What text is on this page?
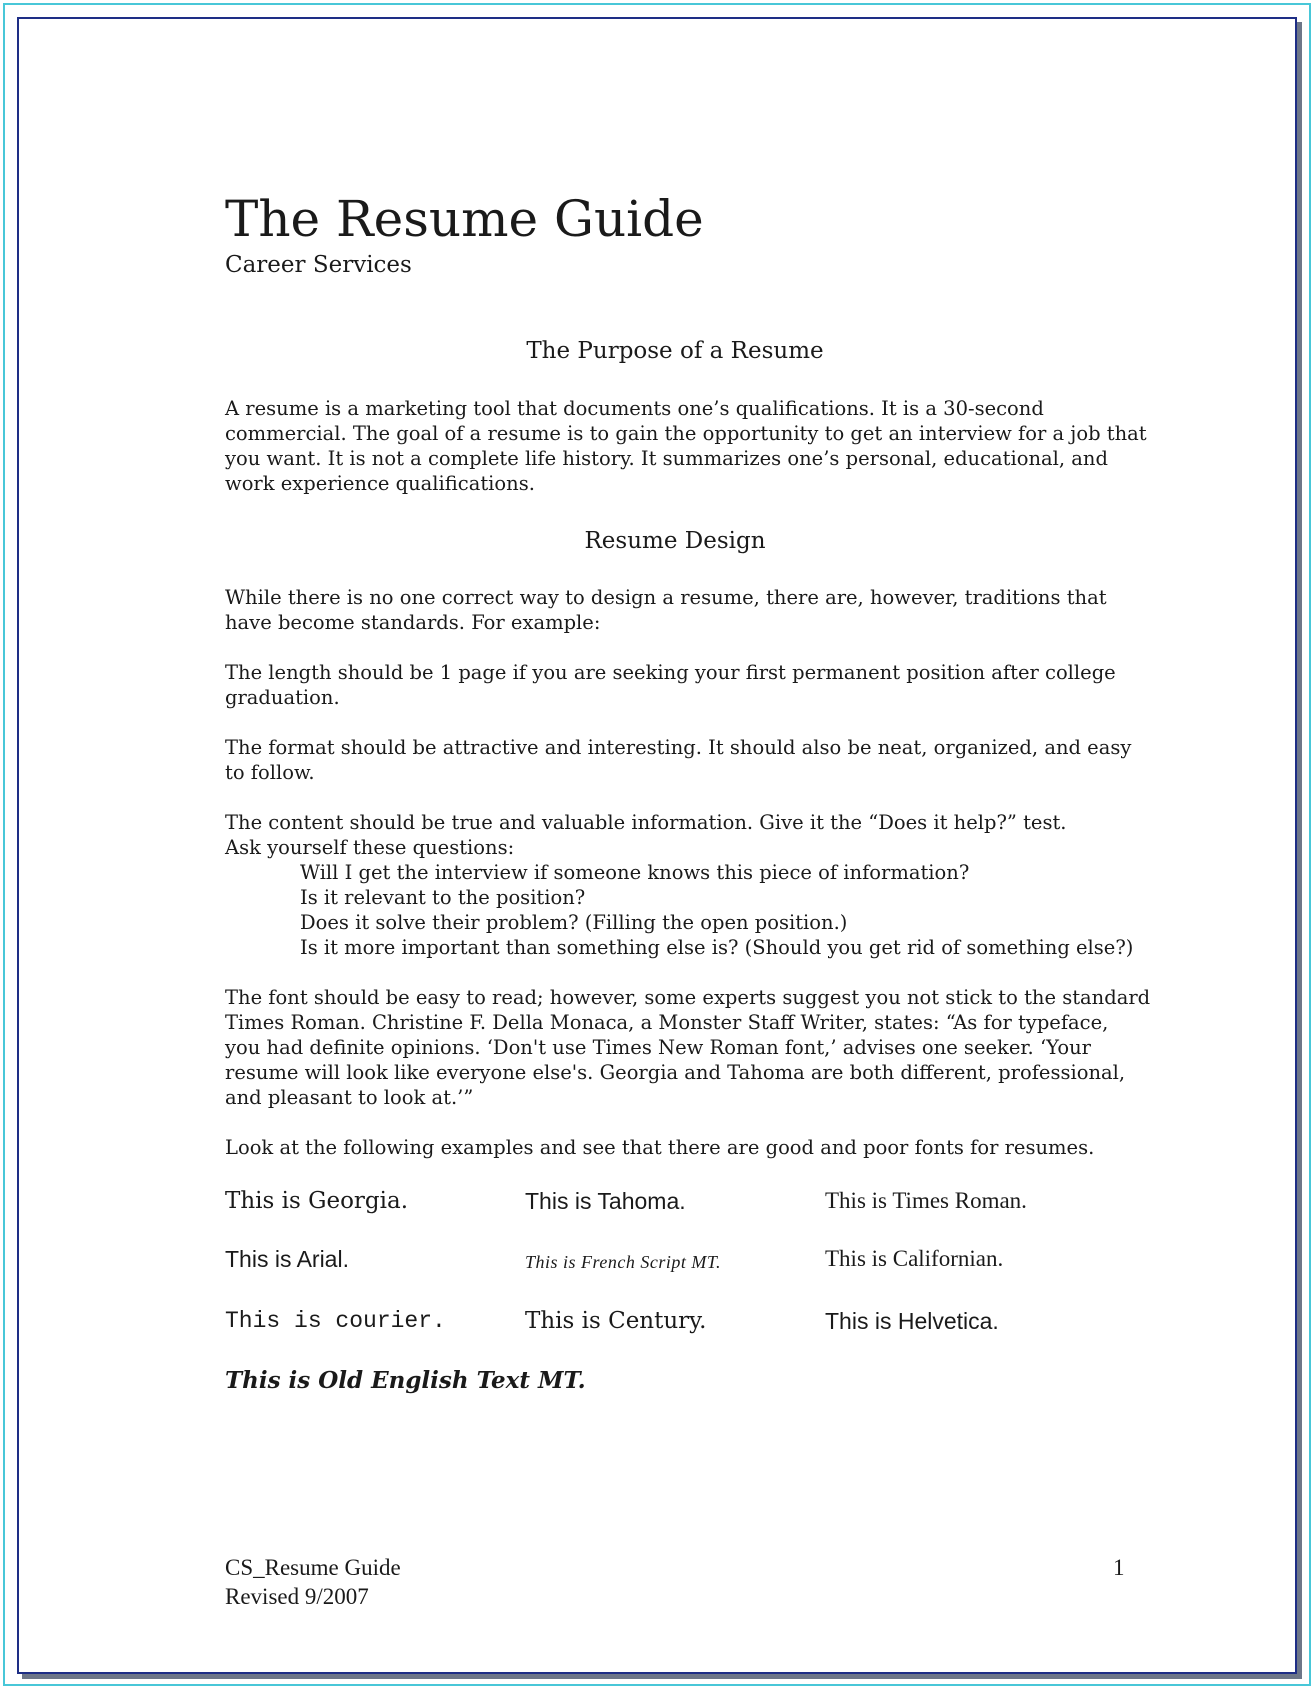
The Resume Guide
Career Services
The Purpose of a Resume
A resume is a marketing tool that documents one’s qualifications. It is a 30-second
commercial. The goal of a resume is to gain the opportunity to get an interview for a job that
you want. It is not a complete life history. It summarizes one’s personal, educational, and
work experience qualifications.
Resume Design
While there is no one correct way to design a resume, there are, however, traditions that
have become standards. For example:
The length should be 1 page if you are seeking your first permanent position after college
graduation.
The format should be attractive and interesting. It should also be neat, organized, and easy
to follow.
The content should be true and valuable information. Give it the “Does it help?” test.
Ask yourself these questions:
Will I get the interview if someone knows this piece of information?
Is it relevant to the position?
Does it solve their problem? (Filling the open position.)
Is it more important than something else is? (Should you get rid of something else?)
The font should be easy to read; however, some experts suggest you not stick to the standard
Times Roman. Christine F. Della Monaca, a Monster Staff Writer, states: “As for typeface,
you had definite opinions. ‘Don't use Times New Roman font,’ advises one seeker. ‘Your
resume will look like everyone else's. Georgia and Tahoma are both different, professional,
and pleasant to look at.’”
Look at the following examples and see that there are good and poor fonts for resumes.
This is Georgia.	This is Tahoma.	This is Times Roman.
This is Arial.	This is French Script MT.	This is Californian.
This is courier.	This is Century.	This is Helvetica.
This is Old English Text MT.
CS_Resume Guide
Revised 9/2007
1
